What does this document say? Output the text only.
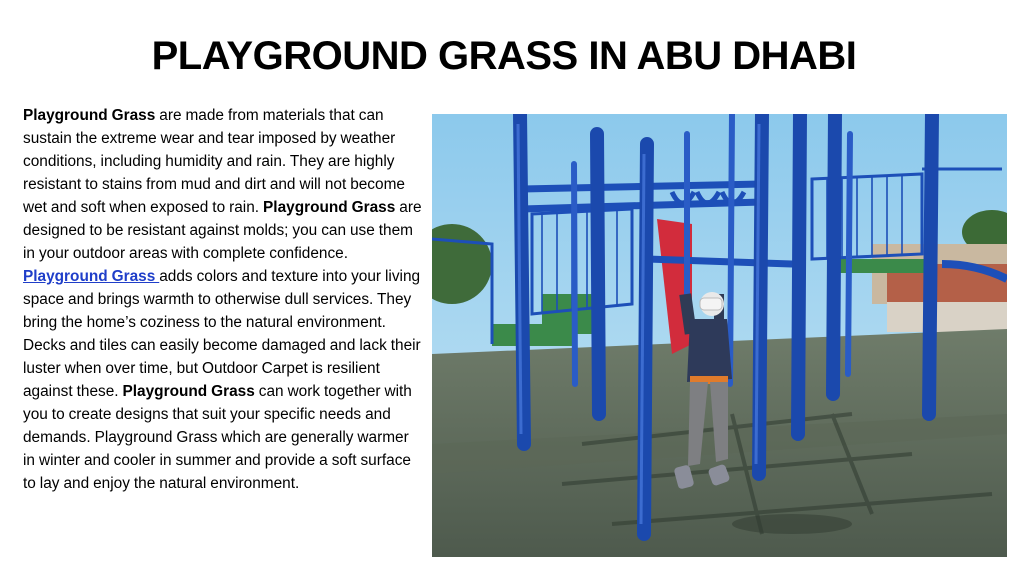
PLAYGROUND GRASS IN ABU DHABI

Playground Grass are made from materials that can sustain the extreme wear and tear imposed by weather conditions, including humidity and rain. They are highly resistant to stains from mud and dirt and will not become wet and soft when exposed to rain. Playground Grass are designed to be resistant against molds; you can use them in your outdoor areas with complete confidence. Playground Grass adds colors and texture into your living space and brings warmth to otherwise dull services. They bring the home’s coziness to the natural environment. Decks and tiles can easily become damaged and lack their luster when over time, but Outdoor Carpet is resilient against these. Playground Grass can work together with you to create designs that suit your specific needs and demands. Playground Grass which are generally warmer in winter and cooler in summer and provide a soft surface to lay and enjoy the natural environment.
